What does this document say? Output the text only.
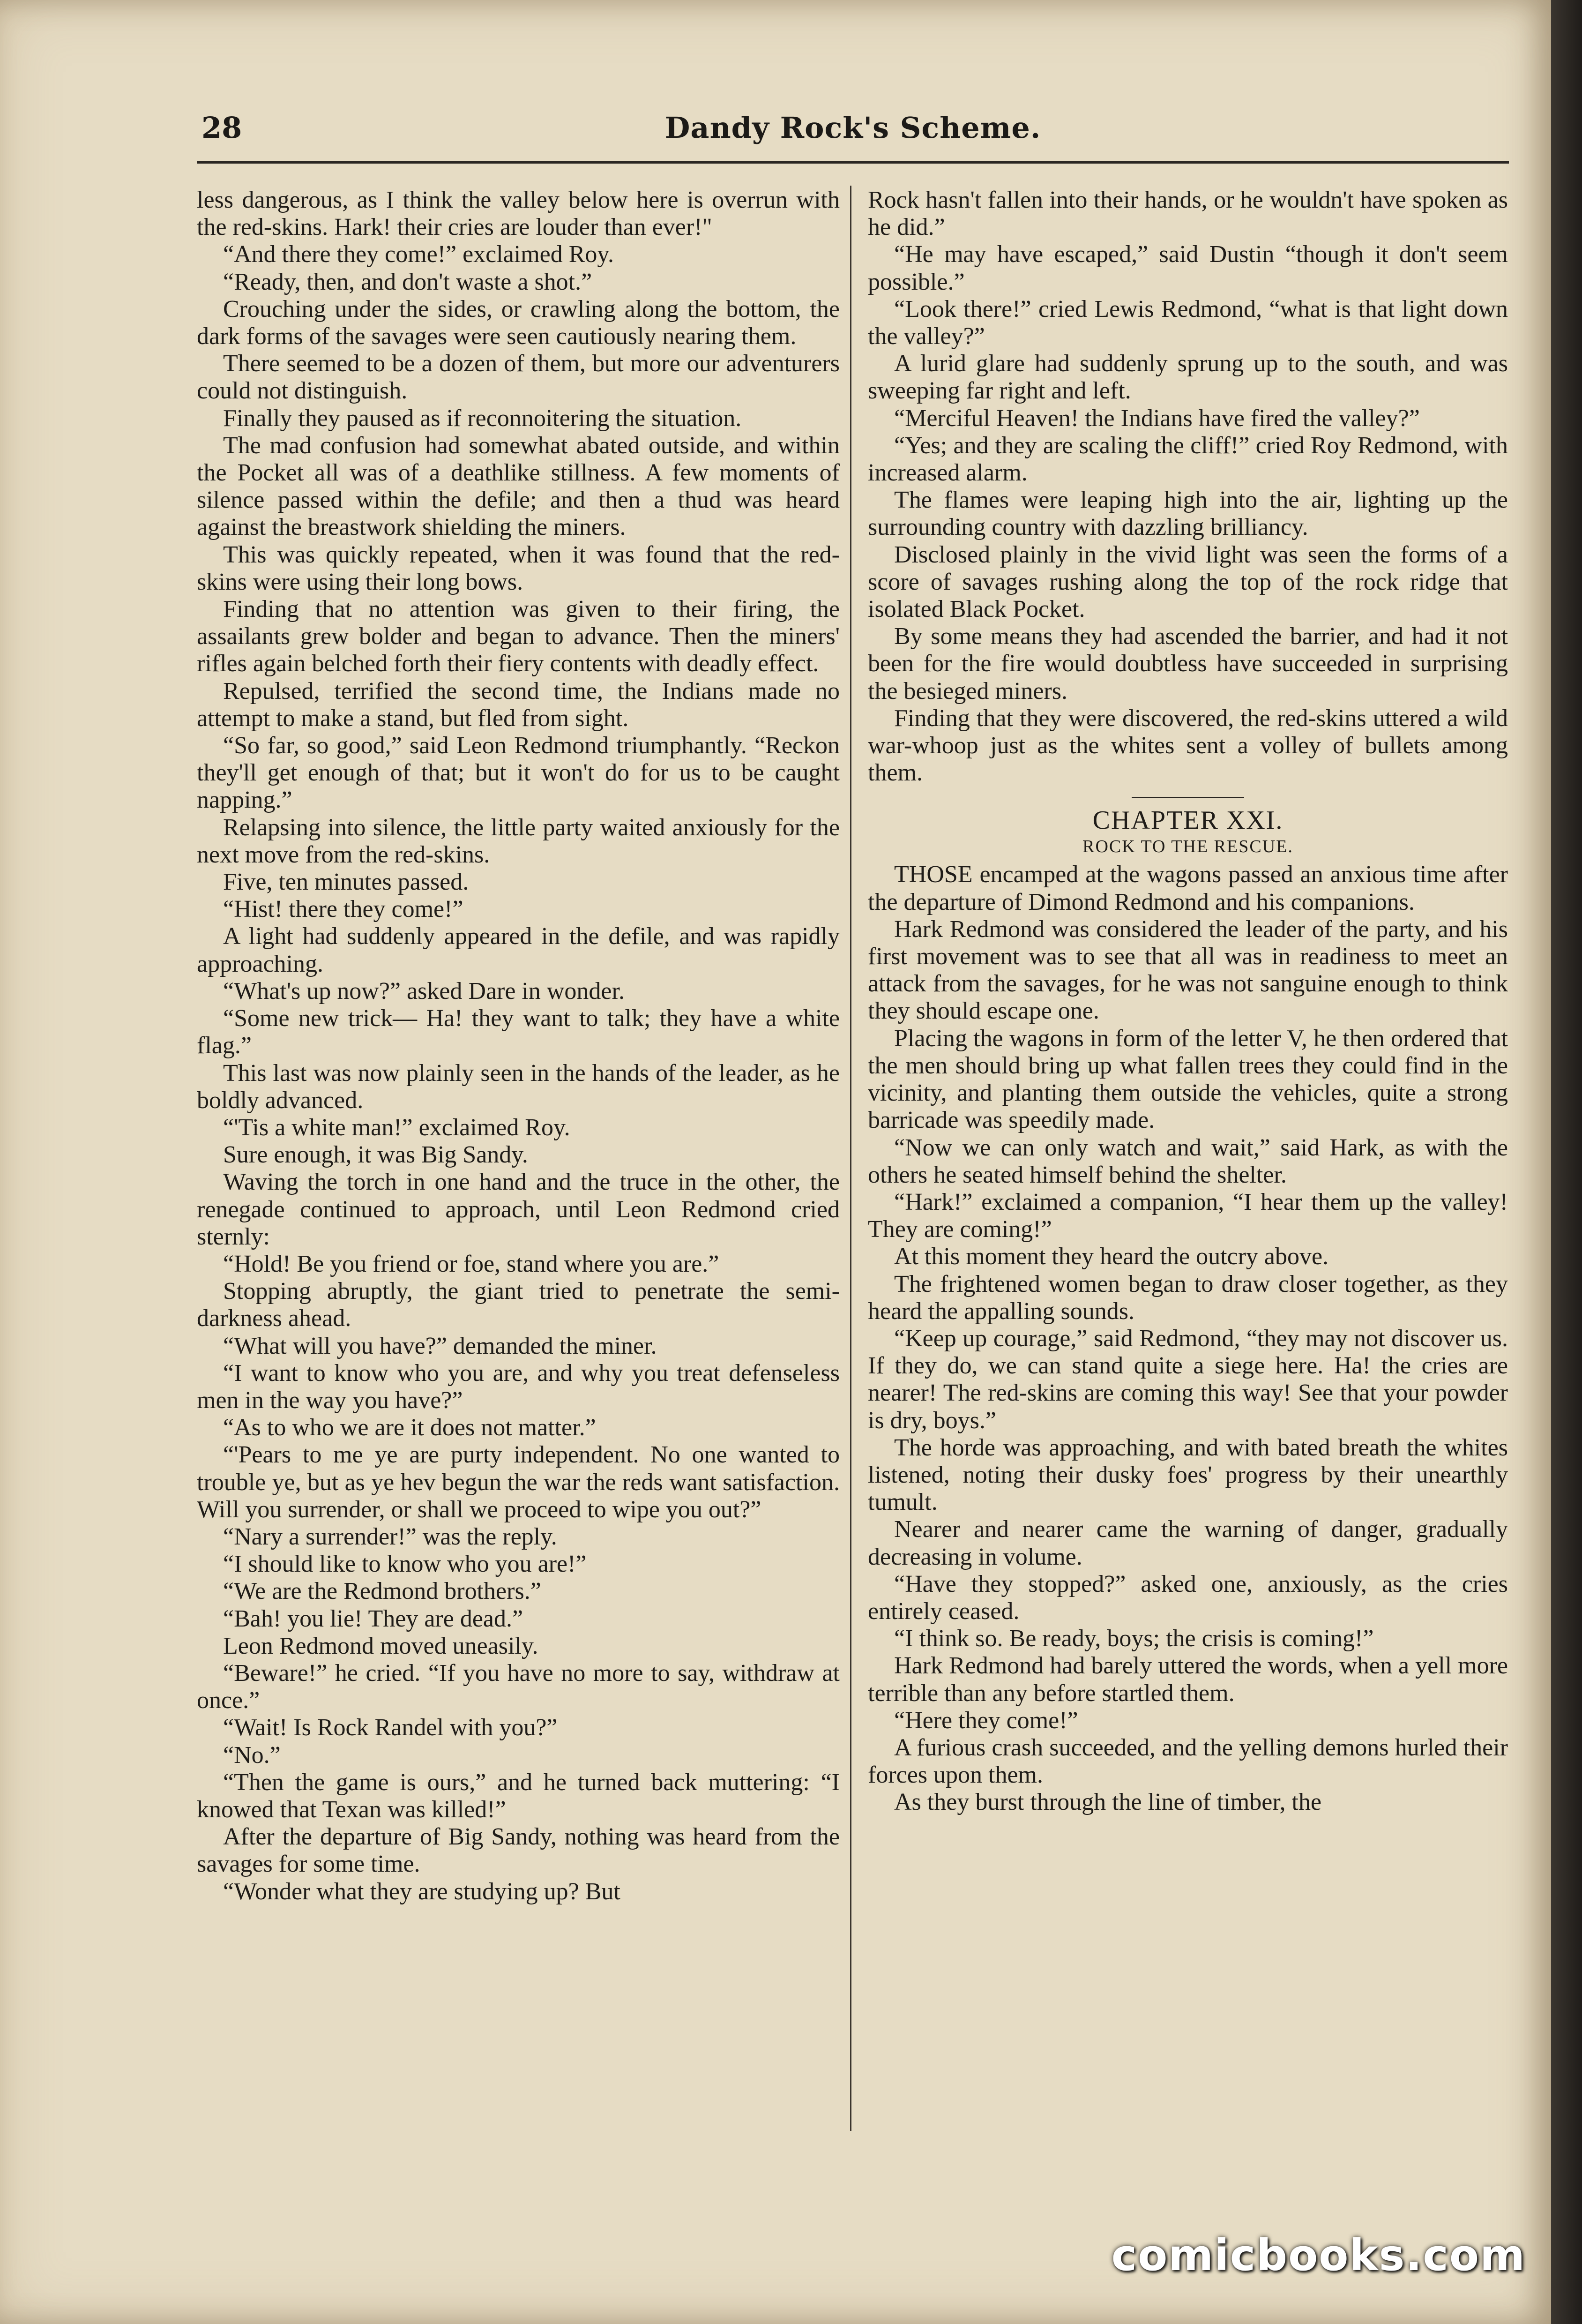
28	Dandy Rock's Scheme.

less dangerous, as I think the valley below here is overrun with the red-skins. Hark! their cries are louder than ever!"

“And there they come!” exclaimed Roy.

“Ready, then, and don't waste a shot.”

Crouching under the sides, or crawling along the bottom, the dark forms of the savages were seen cautiously nearing them.

There seemed to be a dozen of them, but more our adventurers could not distinguish.

Finally they paused as if reconnoitering the situation.

The mad confusion had somewhat abated outside, and within the Pocket all was of a deathlike stillness. A few moments of silence passed within the defile; and then a thud was heard against the breastwork shielding the miners.

This was quickly repeated, when it was found that the red-skins were using their long bows.

Finding that no attention was given to their firing, the assailants grew bolder and began to advance. Then the miners' rifles again belched forth their fiery contents with deadly effect.

Repulsed, terrified the second time, the Indians made no attempt to make a stand, but fled from sight.

“So far, so good,” said Leon Redmond triumphantly. “Reckon they'll get enough of that; but it won't do for us to be caught napping.”

Relapsing into silence, the little party waited anxiously for the next move from the red-skins.

Five, ten minutes passed.

“Hist! there they come!”

A light had suddenly appeared in the defile, and was rapidly approaching.

“What's up now?” asked Dare in wonder.

“Some new trick— Ha! they want to talk; they have a white flag.”

This last was now plainly seen in the hands of the leader, as he boldly advanced.

“'Tis a white man!” exclaimed Roy.

Sure enough, it was Big Sandy.

Waving the torch in one hand and the truce in the other, the renegade continued to approach, until Leon Redmond cried sternly:

“Hold! Be you friend or foe, stand where you are.”

Stopping abruptly, the giant tried to penetrate the semi-darkness ahead.

“What will you have?” demanded the miner.

“I want to know who you are, and why you treat defenseless men in the way you have?”

“As to who we are it does not matter.”

“'Pears to me ye are purty independent. No one wanted to trouble ye, but as ye hev begun the war the reds want satisfaction. Will you surrender, or shall we proceed to wipe you out?”

“Nary a surrender!” was the reply.

“I should like to know who you are!”

“We are the Redmond brothers.”

“Bah! you lie! They are dead.”

Leon Redmond moved uneasily.

“Beware!” he cried. “If you have no more to say, withdraw at once.”

“Wait! Is Rock Randel with you?”

“No.”

“Then the game is ours,” and he turned back muttering: “I knowed that Texan was killed!”

After the departure of Big Sandy, nothing was heard from the savages for some time.

“Wonder what they are studying up? But

Rock hasn't fallen into their hands, or he wouldn't have spoken as he did.”

“He may have escaped,” said Dustin “though it don't seem possible.”

“Look there!” cried Lewis Redmond, “what is that light down the valley?”

A lurid glare had suddenly sprung up to the south, and was sweeping far right and left.

“Merciful Heaven! the Indians have fired the valley?”

“Yes; and they are scaling the cliff!” cried Roy Redmond, with increased alarm.

The flames were leaping high into the air, lighting up the surrounding country with dazzling brilliancy.

Disclosed plainly in the vivid light was seen the forms of a score of savages rushing along the top of the rock ridge that isolated Black Pocket.

By some means they had ascended the barrier, and had it not been for the fire would doubtless have succeeded in surprising the besieged miners.

Finding that they were discovered, the red-skins uttered a wild war-whoop just as the whites sent a volley of bullets among them.

CHAPTER XXI.
ROCK TO THE RESCUE.

THOSE encamped at the wagons passed an anxious time after the departure of Dimond Redmond and his companions.

Hark Redmond was considered the leader of the party, and his first movement was to see that all was in readiness to meet an attack from the savages, for he was not sanguine enough to think they should escape one.

Placing the wagons in form of the letter V, he then ordered that the men should bring up what fallen trees they could find in the vicinity, and planting them outside the vehicles, quite a strong barricade was speedily made.

“Now we can only watch and wait,” said Hark, as with the others he seated himself behind the shelter.

“Hark!” exclaimed a companion, “I hear them up the valley! They are coming!”

At this moment they heard the outcry above.

The frightened women began to draw closer together, as they heard the appalling sounds.

“Keep up courage,” said Redmond, “they may not discover us. If they do, we can stand quite a siege here. Ha! the cries are nearer! The red-skins are coming this way! See that your powder is dry, boys.”

The horde was approaching, and with bated breath the whites listened, noting their dusky foes' progress by their unearthly tumult.

Nearer and nearer came the warning of danger, gradually decreasing in volume.

“Have they stopped?” asked one, anxiously, as the cries entirely ceased.

“I think so. Be ready, boys; the crisis is coming!”

Hark Redmond had barely uttered the words, when a yell more terrible than any before startled them.

“Here they come!”

A furious crash succeeded, and the yelling demons hurled their forces upon them.

As they burst through the line of timber, the

comicbooks.com
